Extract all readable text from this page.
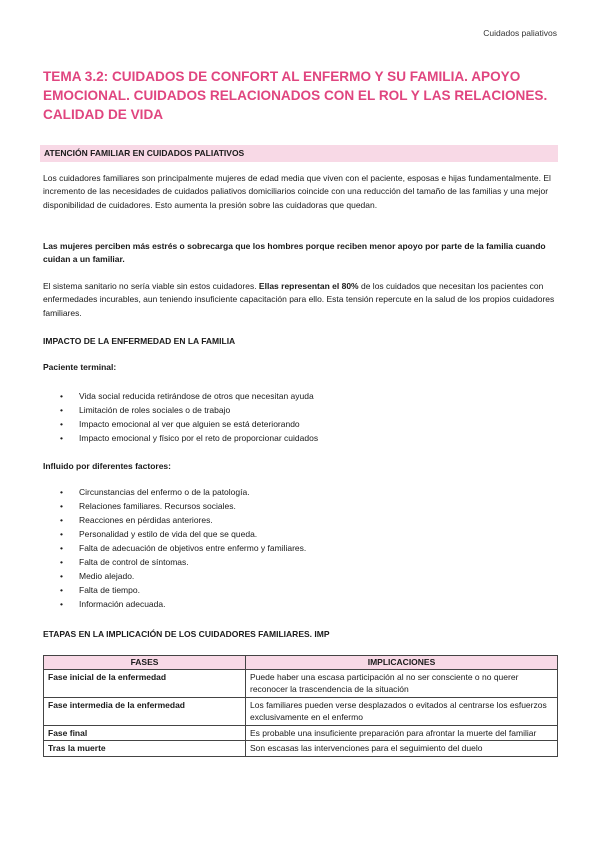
Cuidados paliativos
TEMA 3.2: CUIDADOS DE CONFORT AL ENFERMO Y SU FAMILIA. APOYO EMOCIONAL. CUIDADOS RELACIONADOS CON EL ROL Y LAS RELACIONES. CALIDAD DE VIDA
ATENCIÓN FAMILIAR EN CUIDADOS PALIATIVOS

Los cuidadores familiares son principalmente mujeres de edad media que viven con el paciente, esposas e hijas fundamentalmente. El incremento de las necesidades de cuidados paliativos domiciliarios coincide con una reducción del tamaño de las familias y una mejor disponibilidad de cuidadores. Esto aumenta la presión sobre las cuidadoras que quedan.

Las mujeres perciben más estrés o sobrecarga que los hombres porque reciben menor apoyo por parte de la familia cuando cuidan a un familiar.

El sistema sanitario no sería viable sin estos cuidadores. Ellas representan el 80% de los cuidados que necesitan los pacientes con enfermedades incurables, aun teniendo insuficiente capacitación para ello. Esta tensión repercute en la salud de los propios cuidadores familiares.

IMPACTO DE LA ENFERMEDAD EN LA FAMILIA
Paciente terminal:
• Vida social reducida retirándose de otros que necesitan ayuda
• Limitación de roles sociales o de trabajo
• Impacto emocional al ver que alguien se está deteriorando
• Impacto emocional y físico por el reto de proporcionar cuidados
Influido por diferentes factores:
• Circunstancias del enfermo o de la patología.
• Relaciones familiares. Recursos sociales.
• Reacciones en pérdidas anteriores.
• Personalidad y estilo de vida del que se queda.
• Falta de adecuación de objetivos entre enfermo y familiares.
• Falta de control de síntomas.
• Medio alejado.
• Falta de tiempo.
• Información adecuada.
ETAPAS EN LA IMPLICACIÓN DE LOS CUIDADORES FAMILIARES. IMP
FASES	IMPLICACIONES
Fase inicial de la enfermedad	Puede haber una escasa participación al no ser consciente o no querer reconocer la trascendencia de la situación
Fase intermedia de la enfermedad	Los familiares pueden verse desplazados o evitados al centrarse los esfuerzos exclusivamente en el enfermo
Fase final	Es probable una insuficiente preparación para afrontar la muerte del familiar
Tras la muerte	Son escasas las intervenciones para el seguimiento del duelo
